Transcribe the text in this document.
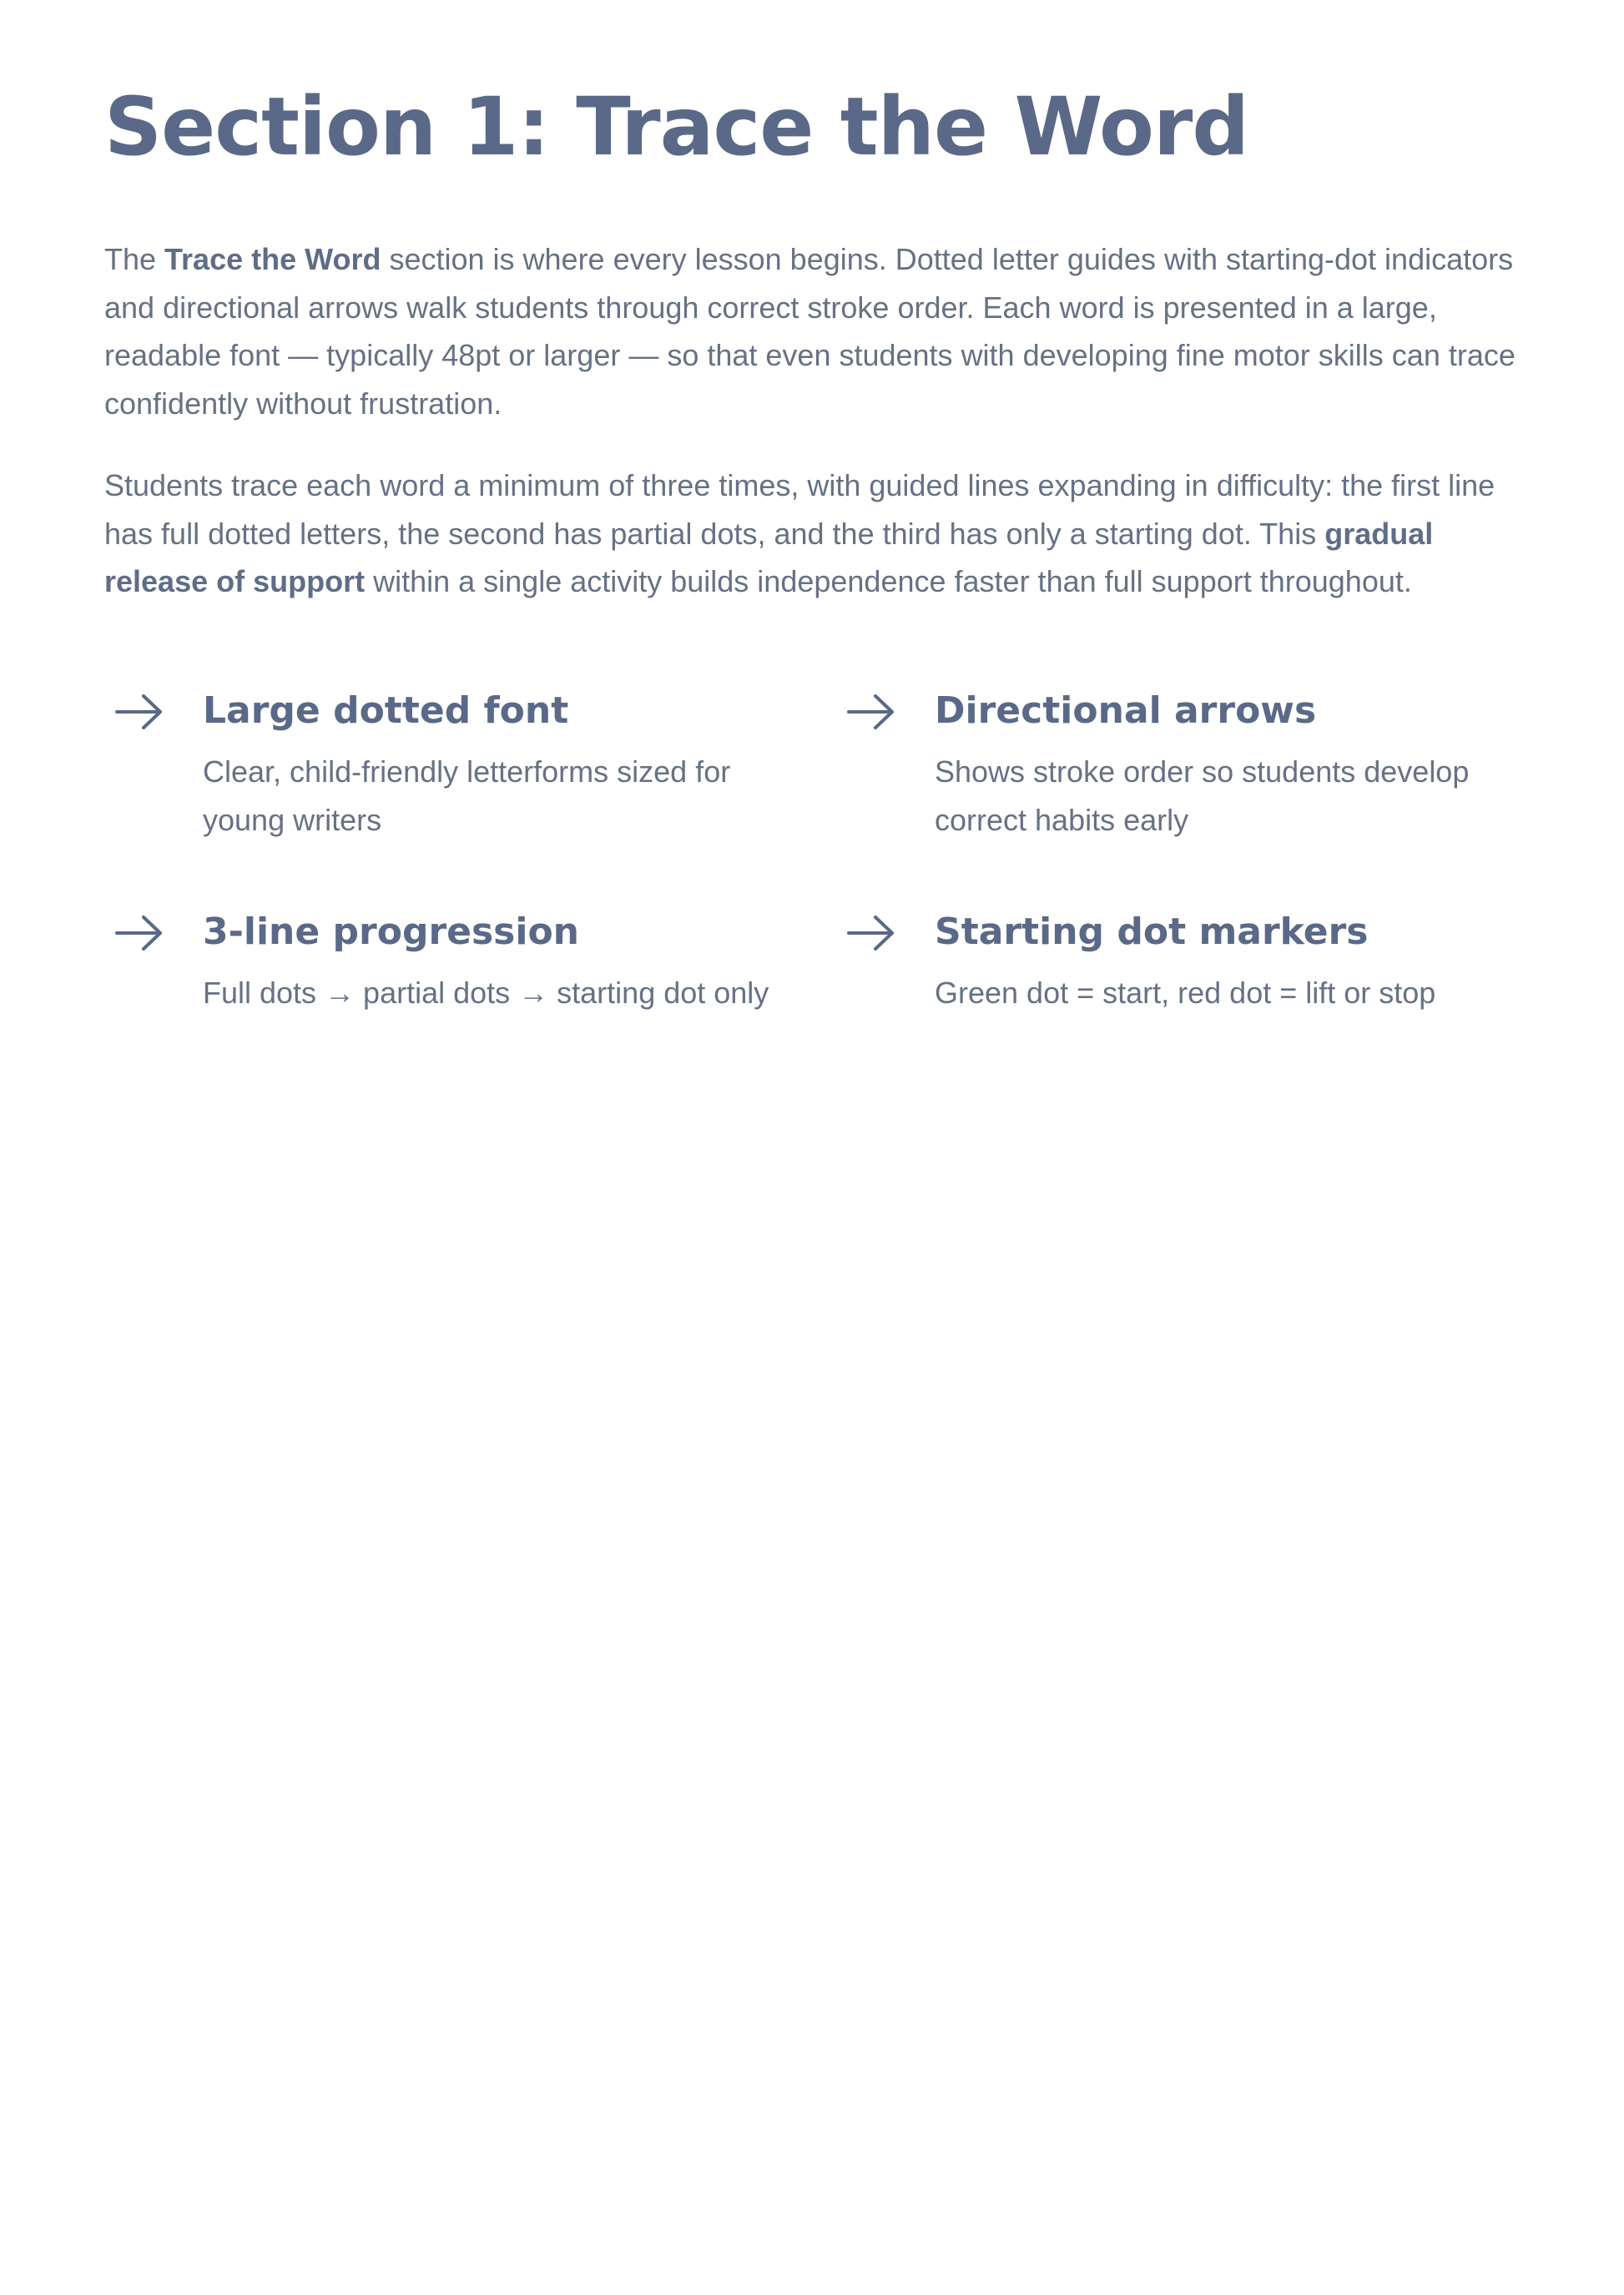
Section 1: Trace the Word

The Trace the Word section is where every lesson begins. Dotted letter guides with starting-dot indicators and directional arrows walk students through correct stroke order. Each word is presented in a large, readable font — typically 48pt or larger — so that even students with developing fine motor skills can trace confidently without frustration.

Students trace each word a minimum of three times, with guided lines expanding in difficulty: the first line has full dotted letters, the second has partial dots, and the third has only a starting dot. This gradual release of support within a single activity builds independence faster than full support throughout.

Large dotted font

Clear, child-friendly letterforms sized for young writers

Directional arrows

Shows stroke order so students develop correct habits early

3-line progression

Full dots → partial dots → starting dot only

Starting dot markers

Green dot = start, red dot = lift or stop
